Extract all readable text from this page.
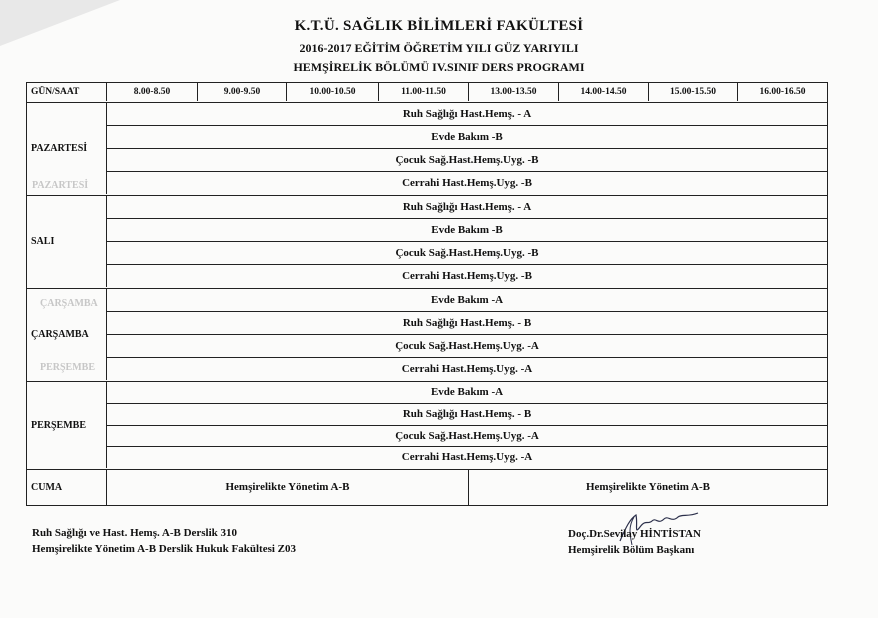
PAZARTESİ
ÇARŞAMBA
PERŞEMBE
K.T.Ü. SAĞLIK BİLİMLERİ FAKÜLTESİ
2016-2017 EĞİTİM ÖĞRETİM YILI GÜZ YARIYILI
HEMŞİRELİK BÖLÜMÜ IV.SINIF DERS PROGRAMI
GÜN/SAAT	8.00-8.50	9.00-9.50	10.00-10.50	11.00-11.50	13.00-13.50	14.00-14.50	15.00-15.50	16.00-16.50
PAZARTESİ
Ruh Sağlığı Hast.Hemş. - A
Evde Bakım -B
Çocuk Sağ.Hast.Hemş.Uyg. -B
Cerrahi Hast.Hemş.Uyg. -B
SALI
Ruh Sağlığı Hast.Hemş. - A
Evde Bakım -B
Çocuk Sağ.Hast.Hemş.Uyg. -B
Cerrahi Hast.Hemş.Uyg. -B
ÇARŞAMBA
Evde Bakım -A
Ruh Sağlığı Hast.Hemş. - B
Çocuk Sağ.Hast.Hemş.Uyg. -A
Cerrahi Hast.Hemş.Uyg. -A
PERŞEMBE
Evde Bakım -A
Ruh Sağlığı Hast.Hemş. - B
Çocuk Sağ.Hast.Hemş.Uyg. -A
Cerrahi Hast.Hemş.Uyg. -A
CUMA	Hemşirelikte Yönetim A-B	Hemşirelikte Yönetim A-B
Ruh Sağlığı ve Hast. Hemş. A-B Derslik 310
Hemşirelikte Yönetim A-B Derslik Hukuk Fakültesi Z03
Doç.Dr.Sevilay HİNTİSTAN
Hemşirelik Bölüm Başkanı
